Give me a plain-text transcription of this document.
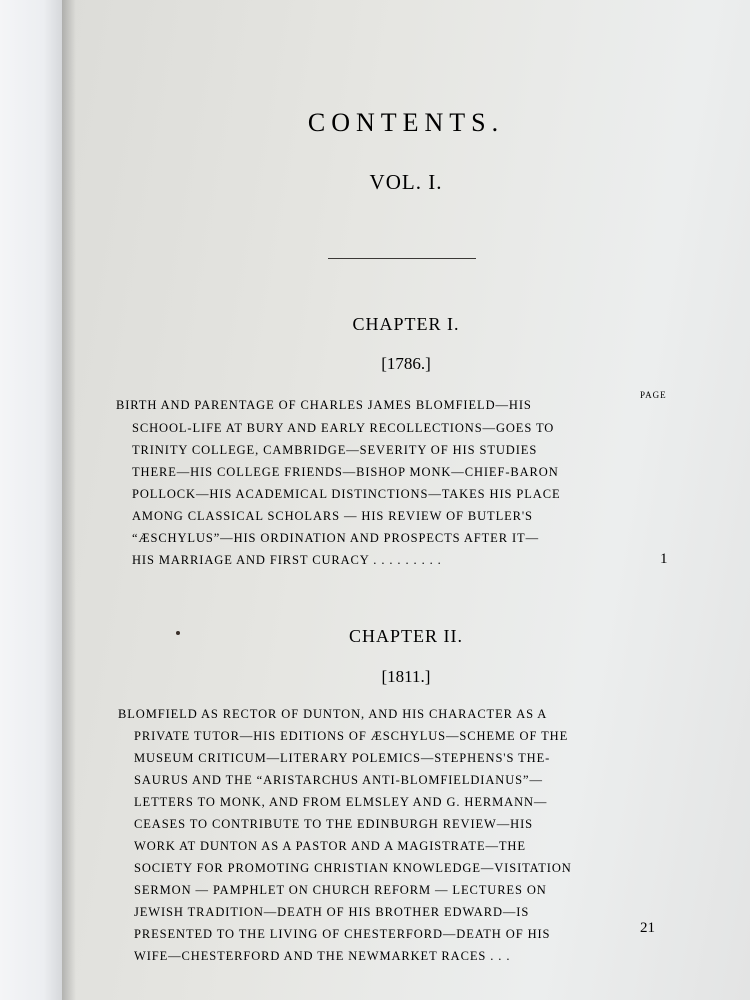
CONTENTS.
VOL. I.
CHAPTER I.
[1786.]
PAGE
BIRTH AND PARENTAGE OF CHARLES JAMES BLOMFIELD—HIS
SCHOOL-LIFE AT BURY AND EARLY RECOLLECTIONS—GOES TO
TRINITY COLLEGE, CAMBRIDGE—SEVERITY OF HIS STUDIES
THERE—HIS COLLEGE FRIENDS—BISHOP MONK—CHIEF-BARON
POLLOCK—HIS ACADEMICAL DISTINCTIONS—TAKES HIS PLACE
AMONG CLASSICAL SCHOLARS — HIS REVIEW OF BUTLER'S
“ÆSCHYLUS”—HIS ORDINATION AND PROSPECTS AFTER IT—
HIS MARRIAGE AND FIRST CURACY . . . . . . . . .	1
CHAPTER II.
[1811.]
BLOMFIELD AS RECTOR OF DUNTON, AND HIS CHARACTER AS A
PRIVATE TUTOR—HIS EDITIONS OF ÆSCHYLUS—SCHEME OF THE
MUSEUM CRITICUM—LITERARY POLEMICS—STEPHENS'S THE-
SAURUS AND THE “ARISTARCHUS ANTI-BLOMFIELDIANUS”—
LETTERS TO MONK, AND FROM ELMSLEY AND G. HERMANN—
CEASES TO CONTRIBUTE TO THE EDINBURGH REVIEW—HIS
WORK AT DUNTON AS A PASTOR AND A MAGISTRATE—THE
SOCIETY FOR PROMOTING CHRISTIAN KNOWLEDGE—VISITATION
SERMON — PAMPHLET ON CHURCH REFORM — LECTURES ON
JEWISH TRADITION—DEATH OF HIS BROTHER EDWARD—IS
PRESENTED TO THE LIVING OF CHESTERFORD—DEATH OF HIS
WIFE—CHESTERFORD AND THE NEWMARKET RACES . . .
21
